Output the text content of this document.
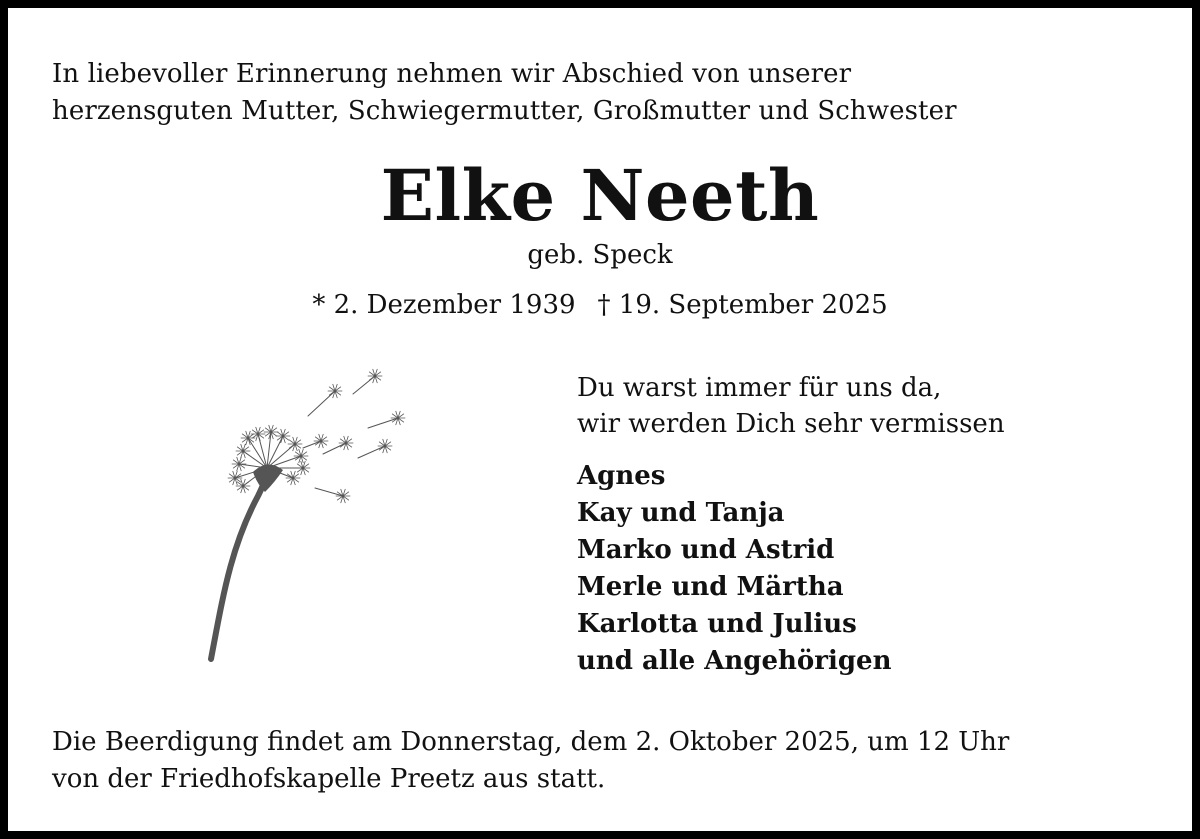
In liebevoller Erinnerung nehmen wir Abschied von unserer
herzensguten Mutter, Schwiegermutter, Großmutter und Schwester
Elke Neeth
geb. Speck
* 2. Dezember 1939 † 19. September 2025
Du warst immer für uns da,
wir werden Dich sehr vermissen
Agnes
Kay und Tanja
Marko und Astrid
Merle und Märtha
Karlotta und Julius
und alle Angehörigen
Die Beerdigung findet am Donnerstag, dem 2. Oktober 2025, um 12 Uhr
von der Friedhofskapelle Preetz aus statt.
